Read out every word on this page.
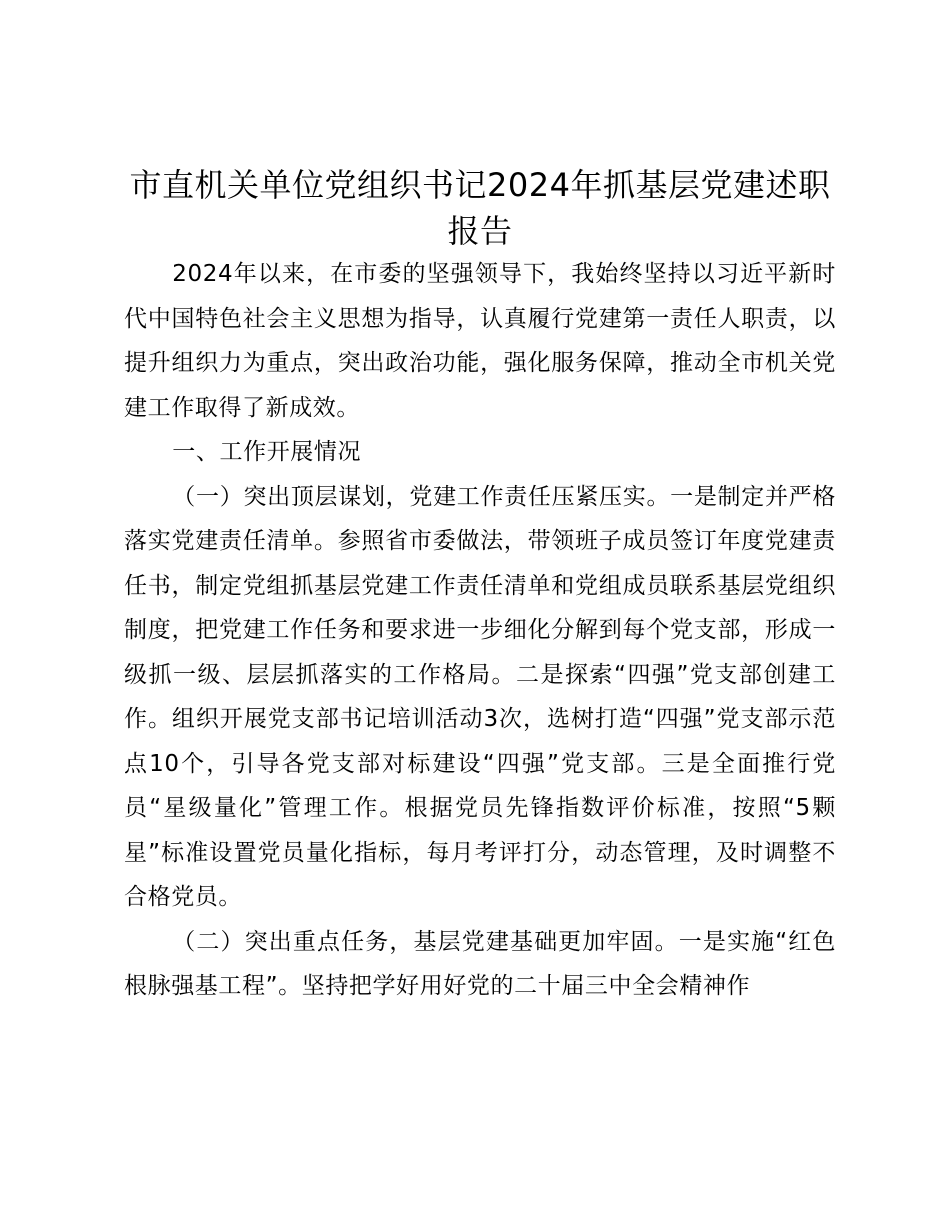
市直机关单位党组织书记2024年抓基层党建述职报告

2024年以来，在市委的坚强领导下，我始终坚持以习近平新时代中国特色社会主义思想为指导，认真履行党建第一责任人职责，以提升组织力为重点，突出政治功能，强化服务保障，推动全市机关党建工作取得了新成效。

一、工作开展情况

（一）突出顶层谋划，党建工作责任压紧压实。一是制定并严格落实党建责任清单。参照省市委做法，带领班子成员签订年度党建责任书，制定党组抓基层党建工作责任清单和党组成员联系基层党组织制度，把党建工作任务和要求进一步细化分解到每个党支部，形成一级抓一级、层层抓落实的工作格局。二是探索“四强”党支部创建工作。组织开展党支部书记培训活动3次，选树打造“四强”党支部示范点10个，引导各党支部对标建设“四强”党支部。三是全面推行党员“星级量化”管理工作。根据党员先锋指数评价标准，按照“5颗星”标准设置党员量化指标，每月考评打分，动态管理，及时调整不合格党员。

（二）突出重点任务，基层党建基础更加牢固。一是实施“红色根脉强基工程”。坚持把学好用好党的二十届三中全会精神作
